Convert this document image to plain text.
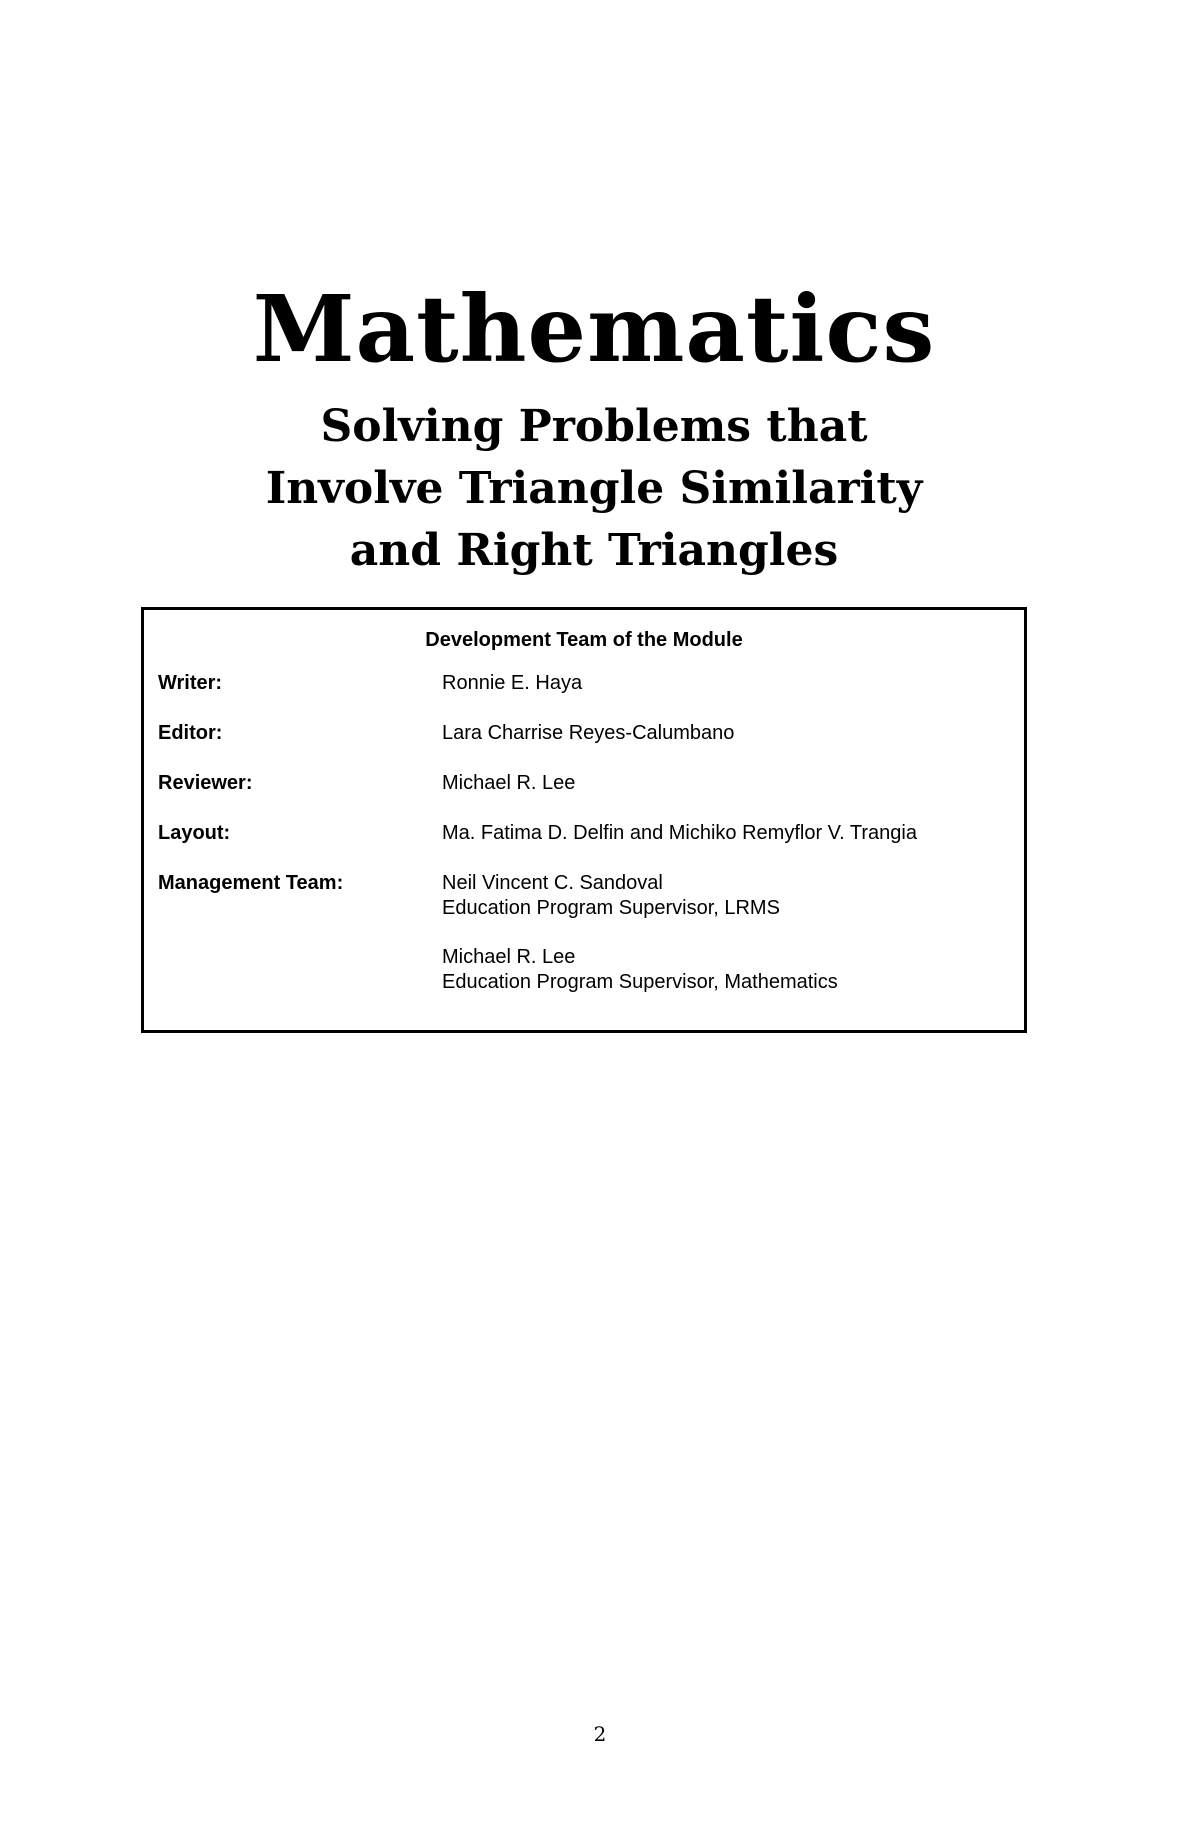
Mathematics
Solving Problems that
Involve Triangle Similarity
and Right Triangles
Development Team of the Module
Writer:	Ronnie E. Haya
Editor:	Lara Charrise Reyes-Calumbano
Reviewer:	Michael R. Lee
Layout:	Ma. Fatima D. Delfin and Michiko Remyflor V. Trangia
Management Team:	Neil Vincent C. Sandoval
Education Program Supervisor, LRMS
Michael R. Lee
Education Program Supervisor, Mathematics
2
